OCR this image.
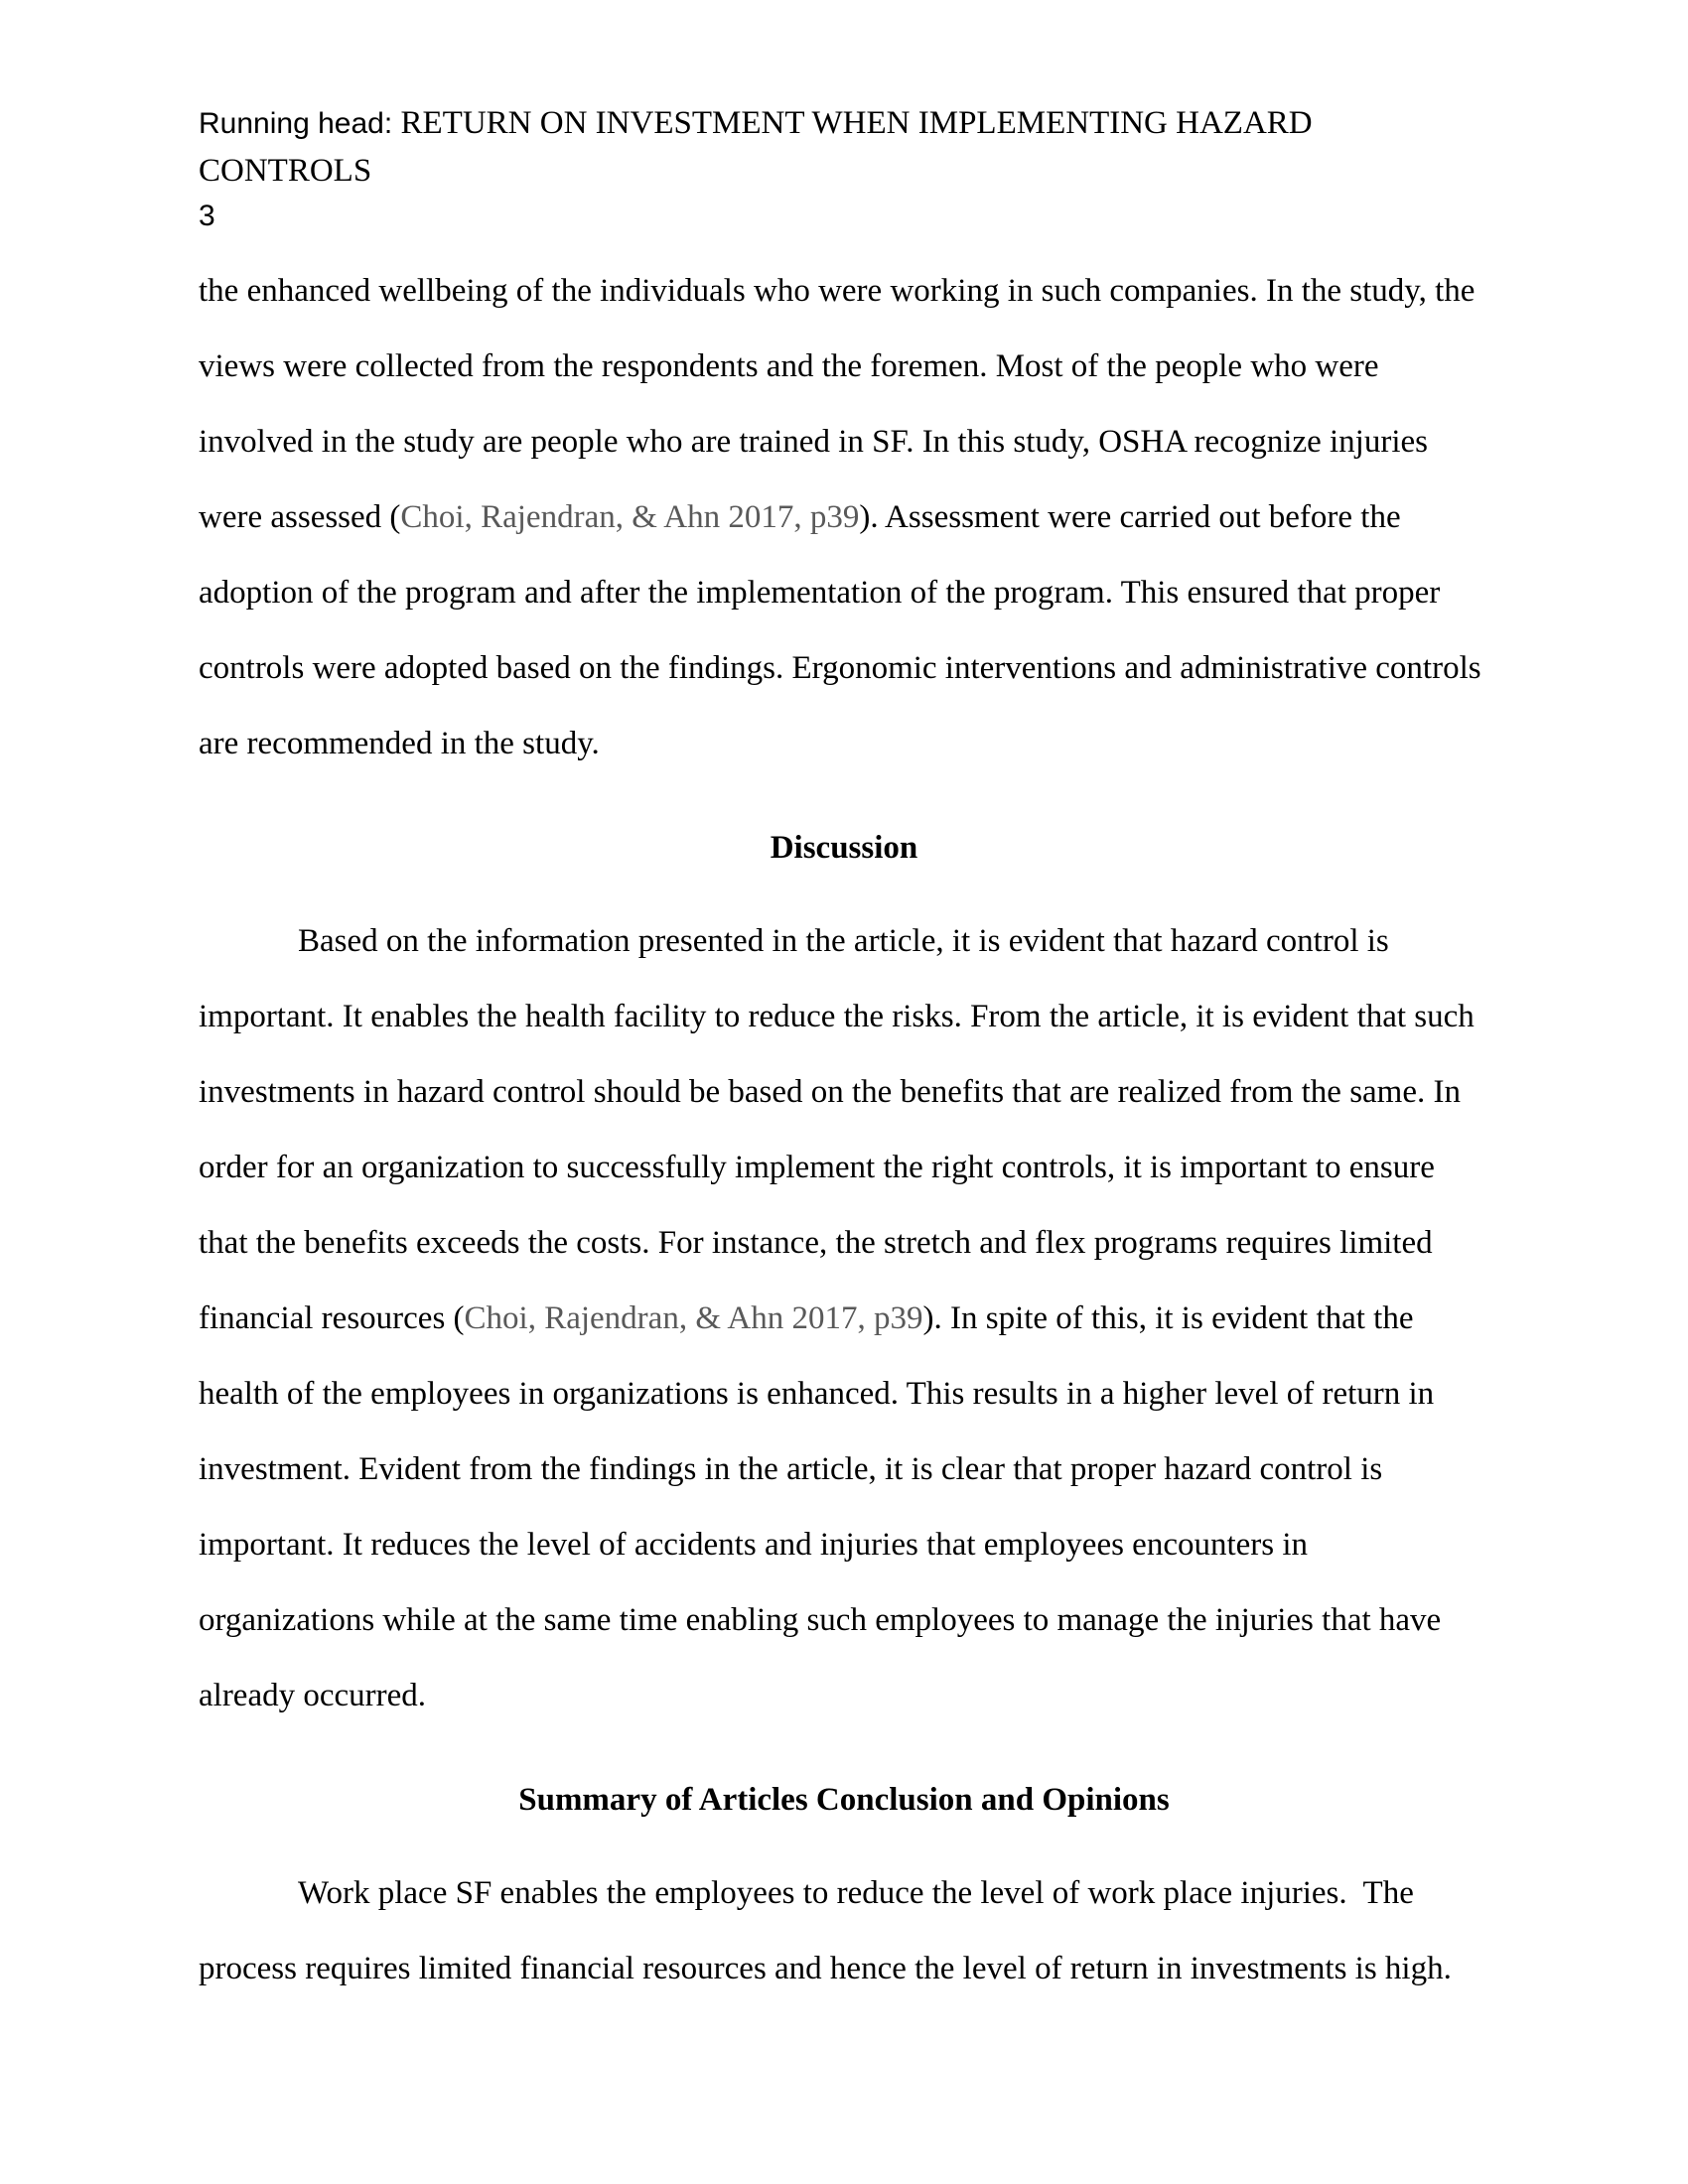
Running head: RETURN ON INVESTMENT WHEN IMPLEMENTING HAZARD CONTROLS
3

the enhanced wellbeing of the individuals who were working in such companies. In the study, the views were collected from the respondents and the foremen. Most of the people who were involved in the study are people who are trained in SF. In this study, OSHA recognize injuries were assessed (Choi, Rajendran, & Ahn 2017, p39). Assessment were carried out before the adoption of the program and after the implementation of the program. This ensured that proper controls were adopted based on the findings. Ergonomic interventions and administrative controls are recommended in the study.

Discussion

Based on the information presented in the article, it is evident that hazard control is important. It enables the health facility to reduce the risks. From the article, it is evident that such investments in hazard control should be based on the benefits that are realized from the same. In order for an organization to successfully implement the right controls, it is important to ensure that the benefits exceeds the costs. For instance, the stretch and flex programs requires limited financial resources (Choi, Rajendran, & Ahn 2017, p39). In spite of this, it is evident that the health of the employees in organizations is enhanced. This results in a higher level of return in investment. Evident from the findings in the article, it is clear that proper hazard control is important. It reduces the level of accidents and injuries that employees encounters in organizations while at the same time enabling such employees to manage the injuries that have already occurred.

Summary of Articles Conclusion and Opinions

Work place SF enables the employees to reduce the level of work place injuries.  The process requires limited financial resources and hence the level of return in investments is high.
